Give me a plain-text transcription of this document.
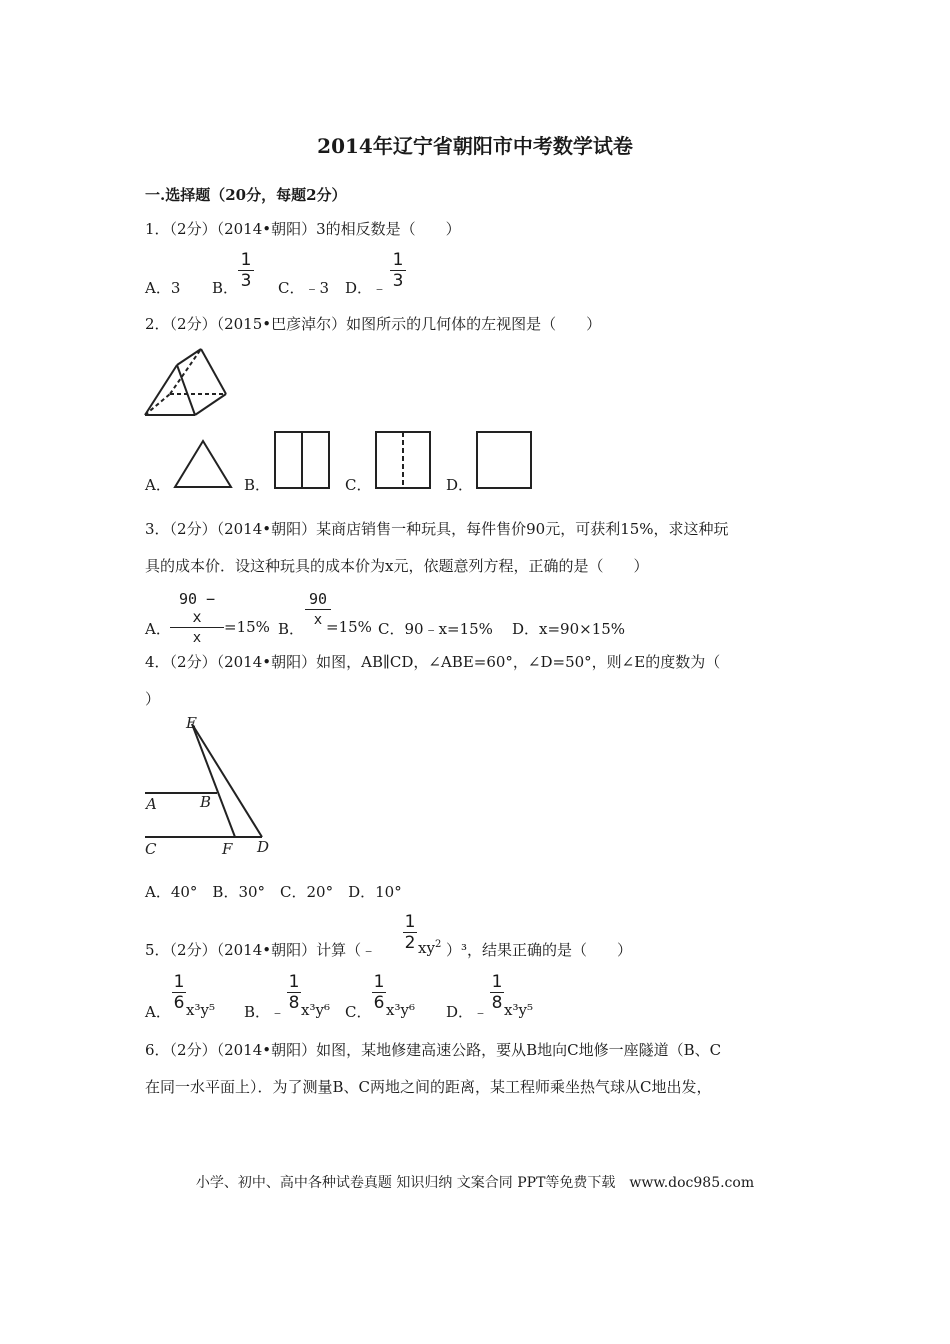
2014年辽宁省朝阳市中考数学试卷
一.选择题（20分，每题2分）
1．（2分）（2014•朝阳）3的相反数是（　　）
A．3 B．
1
3 C．﹣3 D．﹣
1
3
2．（2分）（2015•巴彦淖尔）如图所示的几何体的左视图是（　　）
A．	B．	C．	D．
3．（2分）（2014•朝阳）某商店销售一种玩具，每件售价90元，可获利15%，求这种玩
具的成本价．设这种玩具的成本价为x元，依题意列方程，正确的是（　　）
A．
90 − x
x
=15% B．
90
x =15% C．90﹣x=15% D．x=90×15%
4．（2分）（2014•朝阳）如图，AB∥CD，∠ABE=60°，∠D=50°，则∠E的度数为（
）
E
A	B
C	F D
A．40°　B．30°　C．20°　D．10°
5．（2分）（2014•朝阳）计算（﹣
1
2 $xy^2$ ）³，结果正确的是（　　）
A．
1
6 x³y⁵ B．﹣
1
8 x³y⁶ C．
1
6 x³y⁶ D．﹣
1
8 x³y⁵
6．（2分）（2014•朝阳）如图，某地修建高速公路，要从B地向C地修一座隧道（B、C
在同一水平面上）．为了测量B、C两地之间的距离，某工程师乘坐热气球从C地出发，
小学、初中、高中各种试卷真题 知识归纳 文案合同 PPT等免费下载　www.doc985.com
